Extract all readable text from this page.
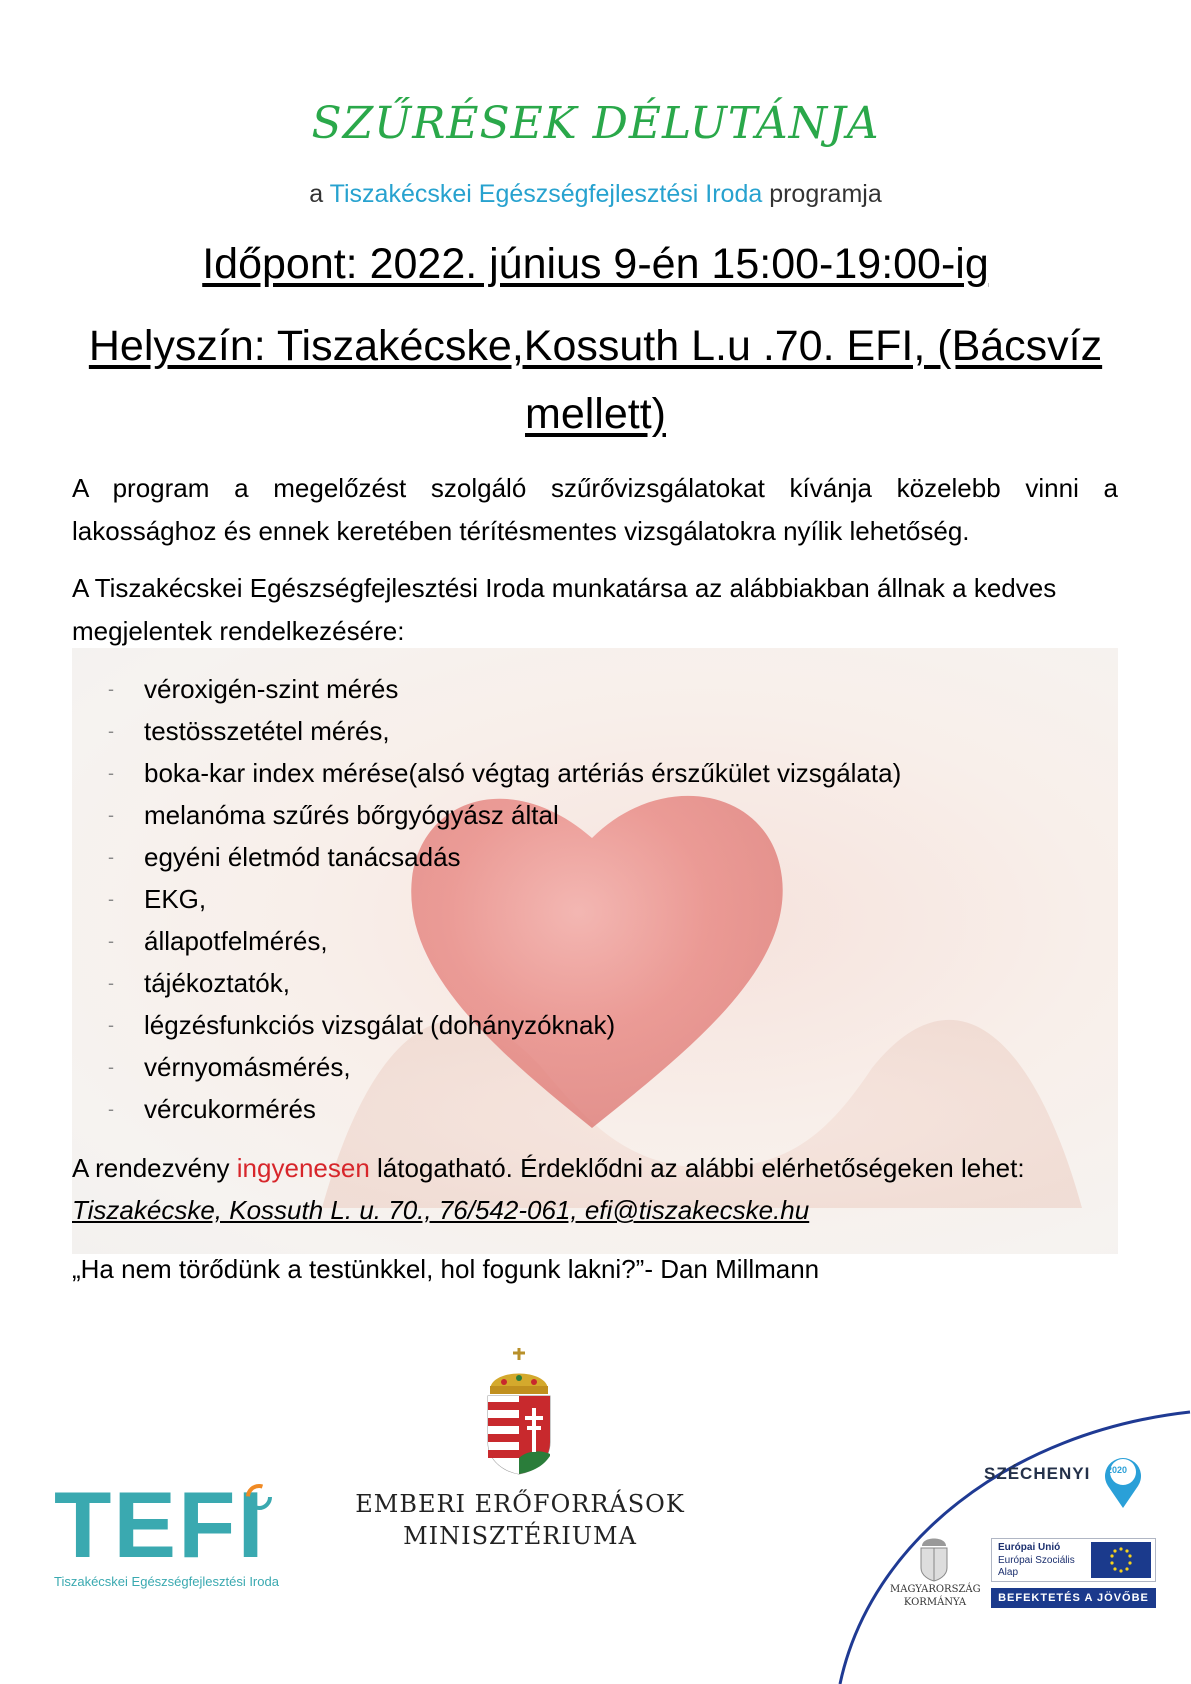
SZŰRÉSEK DÉLUTÁNJA
a Tiszakécskei Egészségfejlesztési Iroda programja
Időpont: 2022. június 9-én 15:00-19:00-ig
Helyszín: Tiszakécske,Kossuth L.u .70. EFI, (Bácsvíz
mellett)
A program a megelőzést szolgáló szűrővizsgálatokat kívánja közelebb vinni a
lakossághoz és ennek keretében térítésmentes vizsgálatokra nyílik lehetőség.
A Tiszakécskei Egészségfejlesztési Iroda munkatársa az alábbiakban állnak a kedves
megjelentek rendelkezésére:
- véroxigén-szint mérés
- testösszetétel mérés,
- boka-kar index mérése(alsó végtag artériás érszűkület vizsgálata)
- melanóma szűrés bőrgyógyász által
- egyéni életmód tanácsadás
- EKG,
- állapotfelmérés,
- tájékoztatók,
- légzésfunkciós vizsgálat (dohányzóknak)
- vérnyomásmérés,
- vércukormérés
A rendezvény ingyenesen látogatható. Érdeklődni az alábbi elérhetőségeken lehet:
Tiszakécske, Kossuth L. u. 70., 76/542-061, efi@tiszakecske.hu
„Ha nem törődünk a testünkkel, hol fogunk lakni?”- Dan Millmann
TEFI
Tiszakécskei Egészségfejlesztési Iroda
EMBERI ERŐFORRÁSOK
MINISZTÉRIUMA
SZÉCHENYI 2020
MAGYARORSZÁG
KORMÁNYA
Európai Unió
Európai Szociális
Alap
BEFEKTETÉS A JÖVŐBE
